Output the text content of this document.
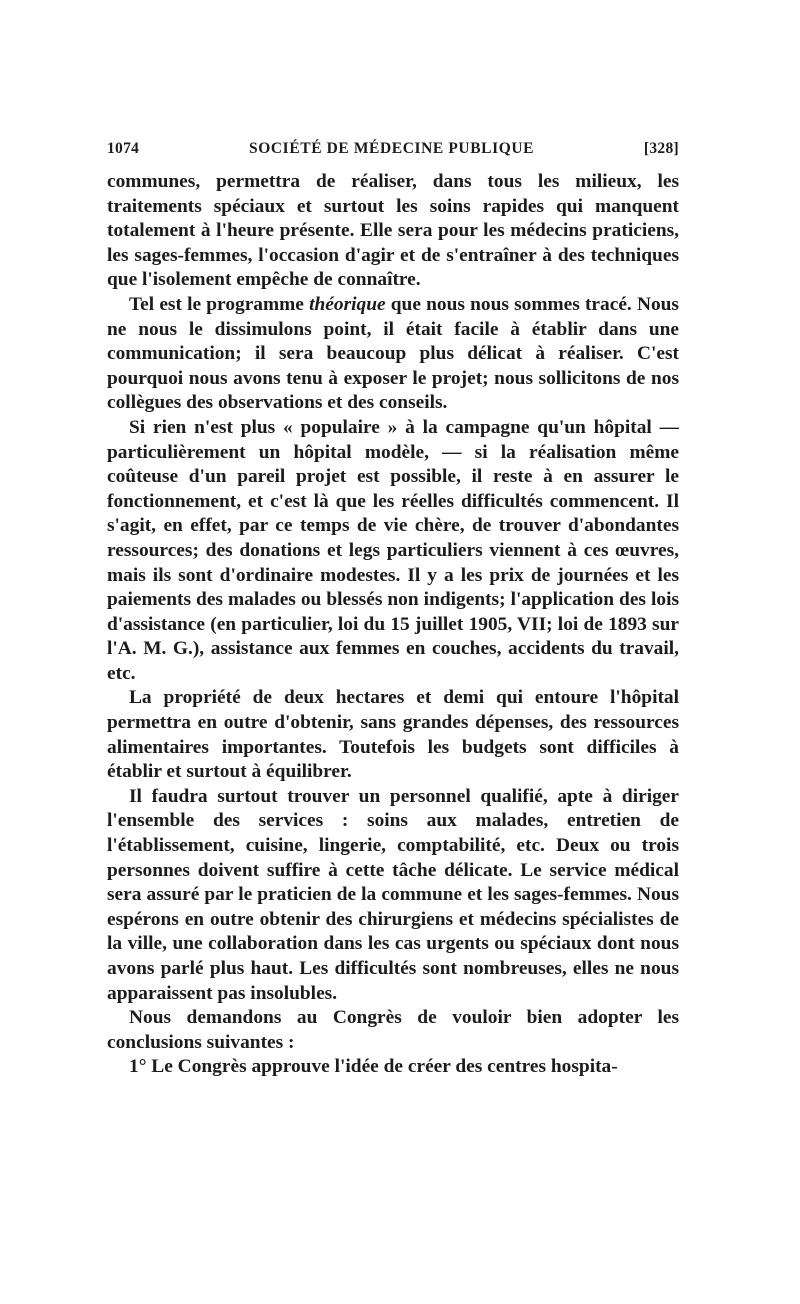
1074	SOCIÉTÉ DE MÉDECINE PUBLIQUE	[328]

communes, permettra de réaliser, dans tous les milieux, les traitements spéciaux et surtout les soins rapides qui manquent totalement à l'heure présente. Elle sera pour les médecins praticiens, les sages-femmes, l'occasion d'agir et de s'entraîner à des techniques que l'isolement empêche de connaître.

Tel est le programme théorique que nous nous sommes tracé. Nous ne nous le dissimulons point, il était facile à établir dans une communication; il sera beaucoup plus délicat à réaliser. C'est pourquoi nous avons tenu à exposer le projet; nous sollicitons de nos collègues des observations et des conseils.

Si rien n'est plus « populaire » à la campagne qu'un hôpital — particulièrement un hôpital modèle, — si la réalisation même coûteuse d'un pareil projet est possible, il reste à en assurer le fonctionnement, et c'est là que les réelles difficultés commencent. Il s'agit, en effet, par ce temps de vie chère, de trouver d'abondantes ressources; des donations et legs particuliers viennent à ces œuvres, mais ils sont d'ordinaire modestes. Il y a les prix de journées et les paiements des malades ou blessés non indigents; l'application des lois d'assistance (en particulier, loi du 15 juillet 1905, VII; loi de 1893 sur l'A. M. G.), assistance aux femmes en couches, accidents du travail, etc.

La propriété de deux hectares et demi qui entoure l'hôpital permettra en outre d'obtenir, sans grandes dépenses, des ressources alimentaires importantes. Toutefois les budgets sont difficiles à établir et surtout à équilibrer.

Il faudra surtout trouver un personnel qualifié, apte à diriger l'ensemble des services : soins aux malades, entretien de l'établissement, cuisine, lingerie, comptabilité, etc. Deux ou trois personnes doivent suffire à cette tâche délicate. Le service médical sera assuré par le praticien de la commune et les sages-femmes. Nous espérons en outre obtenir des chirurgiens et médecins spécialistes de la ville, une collaboration dans les cas urgents ou spéciaux dont nous avons parlé plus haut. Les difficultés sont nombreuses, elles ne nous apparaissent pas insolubles.

Nous demandons au Congrès de vouloir bien adopter les conclusions suivantes :

1° Le Congrès approuve l'idée de créer des centres hospita-
